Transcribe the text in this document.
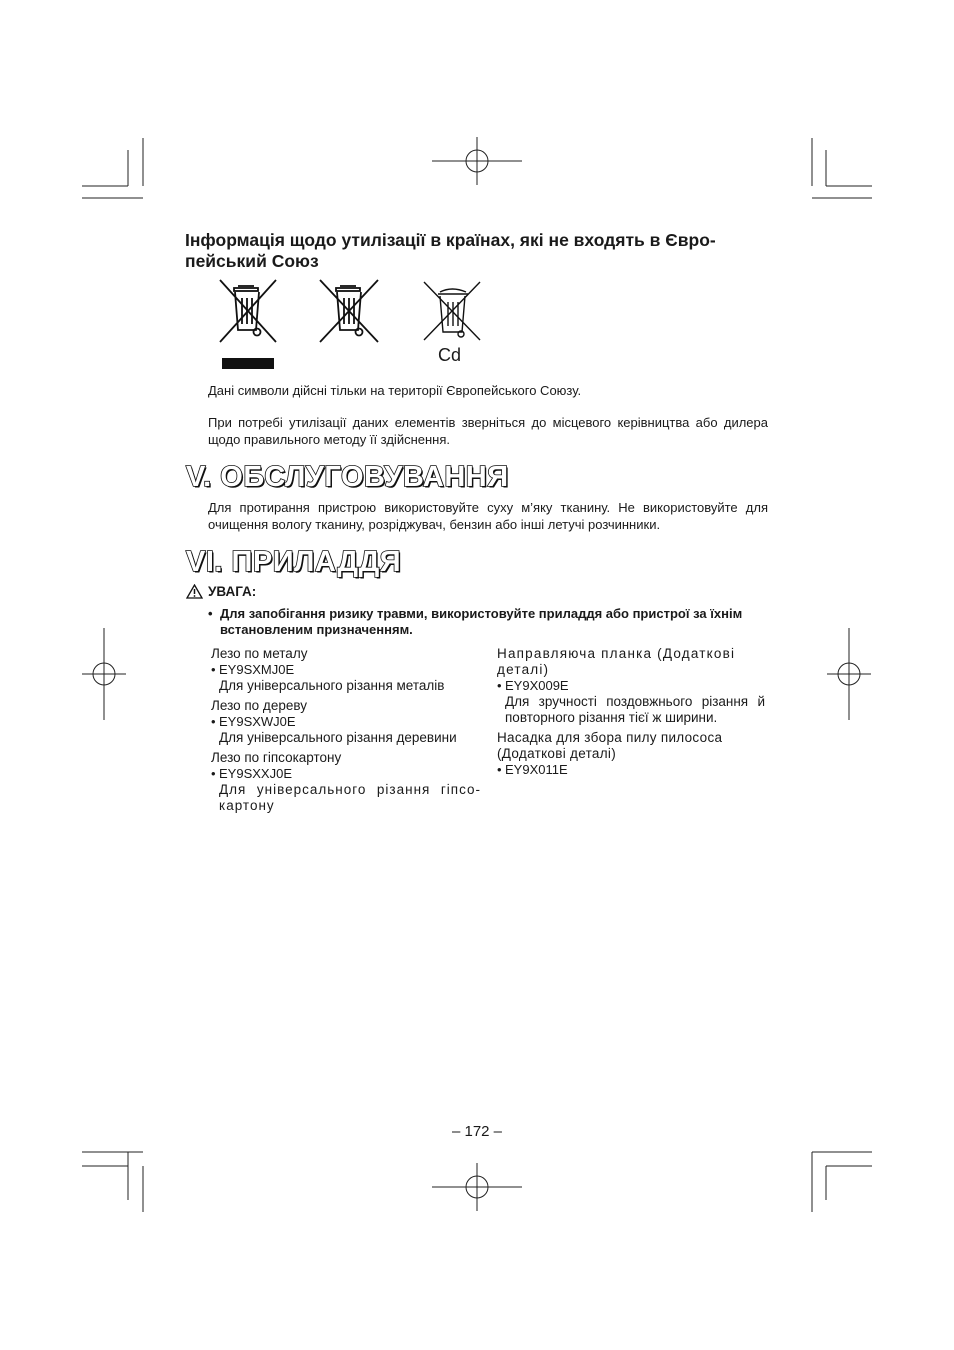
Інформація щодо утилізації в країнах, які не входять в Євро-пейський Союз
Cd

Дані символи дійсні тільки на території Європейського Союзу.

При потребі утилізації даних елементів зверніться до місцевого керівництва або дилера щодо правильного методу її здійснення.

V. ОБСЛУГОВУВАННЯ

Для протирання пристрою використовуйте суху м’яку тканину. Не використовуйте для очищення вологу тканину, розріджувач, бензин або інші летучі розчинники.

VI. ПРИЛАДДЯ
УВАГА:
• Для запобігання ризику травми, використовуйте приладдя або пристрої за їхнім встановленим призначенням.

Лезо по металу

• EY9SXMJ0E

Для універсального різання металів

Лезо по дереву

• EY9SXWJ0E

Для універсального різання деревини

Лезо по гіпсокартону

• EY9SXXJ0E

Для універсального різання гіпсо-картону

Направляюча планка (Додаткові деталі)

• EY9X009E

Для зручності поздовжнього різання й повторного різання тієї ж ширини.

Насадка для збора пилу пилососа (Додаткові деталі)

• EY9X011E

– 172 –
